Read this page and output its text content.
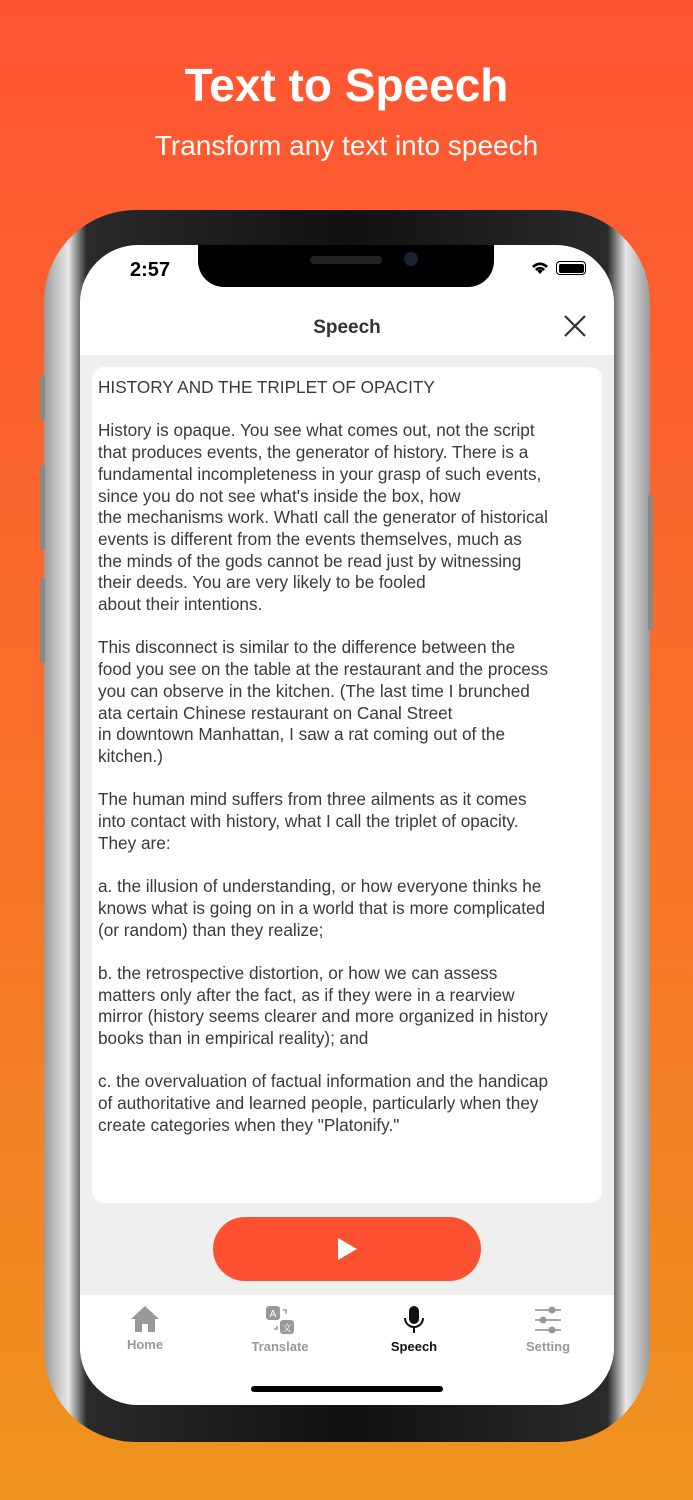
Text to Speech
Transform any text into speech
2:57
Speech

HISTORY AND THE TRIPLET OF OPACITY

History is opaque. You see what comes out, not the script
that produces events, the generator of history. There is a
fundamental incompleteness in your grasp of such events,
since you do not see what's inside the box, how
the mechanisms work. WhatI call the generator of historical
events is different from the events themselves, much as
the minds of the gods cannot be read just by witnessing
their deeds. You are very likely to be fooled
about their intentions.

This disconnect is similar to the difference between the
food you see on the table at the restaurant and the process
you can observe in the kitchen. (The last time I brunched
ata certain Chinese restaurant on Canal Street
in downtown Manhattan, I saw a rat coming out of the
kitchen.)

The human mind suffers from three ailments as it comes
into contact with history, what I call the triplet of opacity.
They are:

a. the illusion of understanding, or how everyone thinks he
knows what is going on in a world that is more complicated
(or random) than they realize;

b. the retrospective distortion, or how we can assess
matters only after the fact, as if they were in a rearview
mirror (history seems clearer and more organized in history
books than in empirical reality); and

c. the overvaluation of factual information and the handicap
of authoritative and learned people, particularly when they
create categories when they "Platonify."

Home
A
文
Translate	Speech	Setting
